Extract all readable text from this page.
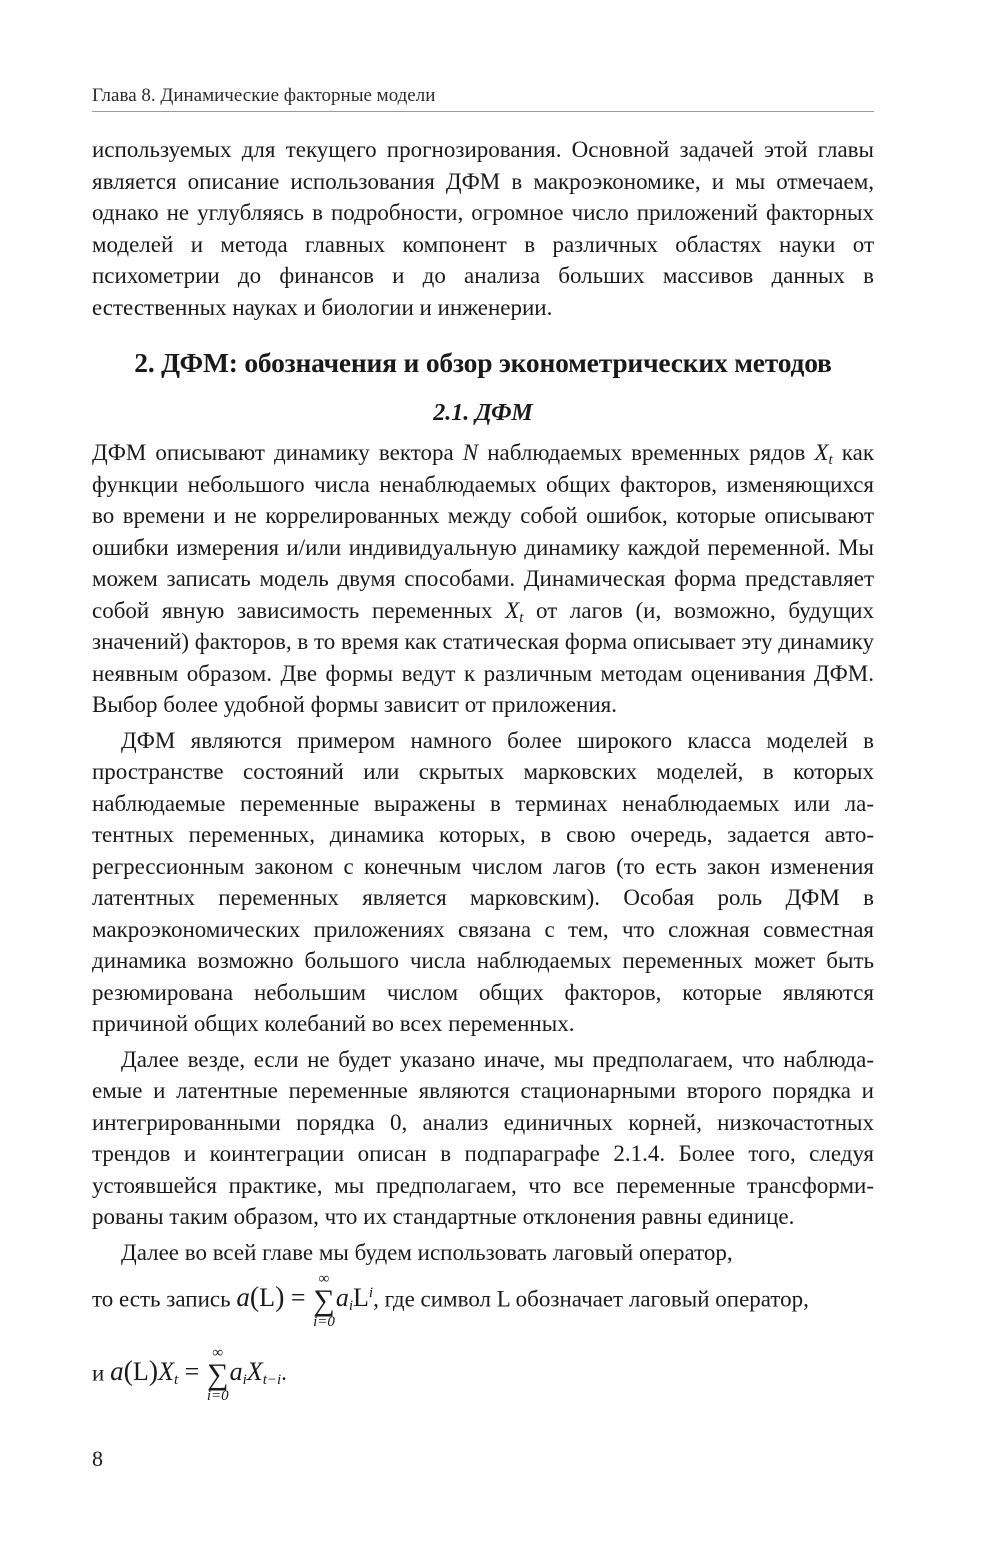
Глава 8. Динамические факторные модели

используемых для текущего прогнозирования. Основной задачей этой главы является описание использования ДФМ в макроэкономике, и мы отмечаем, однако не углубляясь в подробности, огромное число приложений факторных моделей и метода главных компонент в различных областях науки от психометрии до финансов и до анализа больших массивов данных в естественных науках и биологии и инженерии.

2. ДФМ: обозначения и обзор эконометрических методов
2.1. ДФМ

ДФМ описывают динамику вектора N наблюдаемых временных рядов $X_t$ как функции небольшого числа ненаблюдаемых общих факторов, изменяющихся во времени и не коррелированных между собой ошибок, которые описывают ошибки измерения и/или индивидуальную динамику каждой переменной. Мы можем записать модель двумя способами. Динамическая форма представляет собой явную зависимость переменных $X_t$ от лагов (и, возможно, будущих значений) факторов, в то время как статическая форма описывает эту динамику неявным образом. Две формы ведут к различным методам оценивания ДФМ. Выбор более удобной формы зависит от приложения.

ДФМ являются примером намного более широкого класса моделей в пространстве состояний или скрытых марковских моделей, в которых наблюдаемые переменные выражены в терминах ненаблюдаемых или латентных переменных, динамика которых, в свою очередь, задается авторегрессионным законом с конечным числом лагов (то есть закон изменения латентных переменных является марковским). Особая роль ДФМ в макроэкономических приложениях связана с тем, что сложная совместная динамика возможно большого числа наблюдаемых переменных может быть резюмирована небольшим числом общих факторов, которые являются причиной общих колебаний во всех переменных.

Далее везде, если не будет указано иначе, мы предполагаем, что наблюдаемые и латентные переменные являются стационарными второго порядка и интегрированными порядка 0, анализ единичных корней, низкочастотных трендов и коинтеграции описан в подпараграфе 2.1.4. Более того, следуя устоявшейся практике, мы предполагаем, что все переменные трансформированы таким образом, что их стандартные отклонения равны единице.

Далее во всей главе мы будем использовать лаговый оператор,

то есть запись a(L) =
∞
∑
i=0
$a_iL^i$, где символ L обозначает лаговый оператор,
и $a(L)X_t$ =
∞
∑
i=0
$a_iX_{t-i}$.
8
